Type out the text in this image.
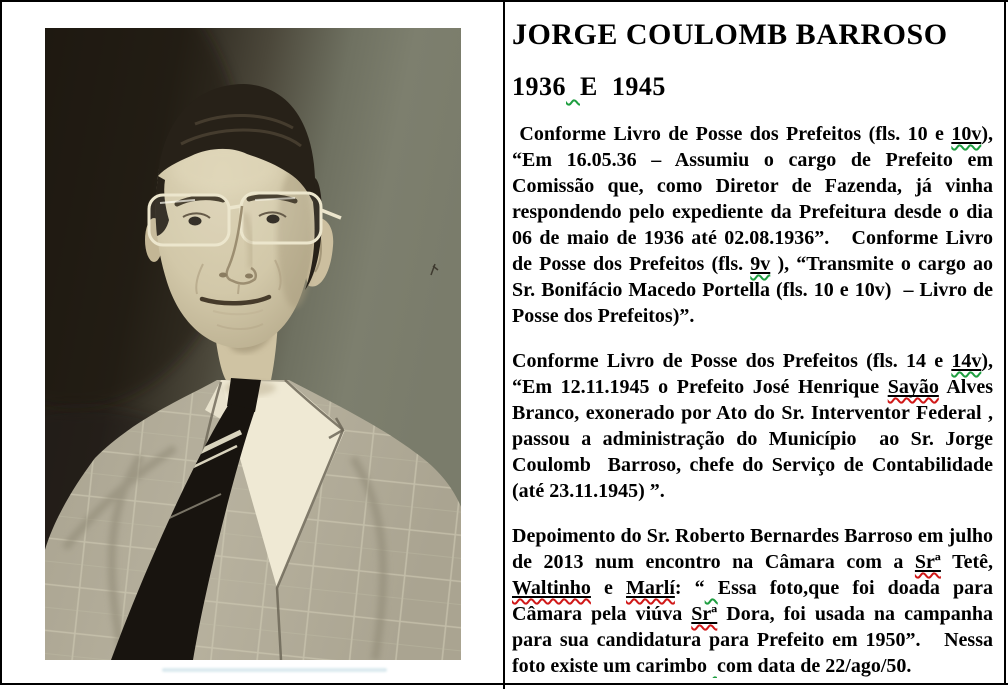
JORGE COULOMB BARROSO
1936 E  1945

Conforme Livro de Posse dos Prefeitos (fls. 10 e 10v), “Em 16.05.36 – Assumiu o cargo de Prefeito em Comissão que, como Diretor de Fazenda, já vinha respondendo pelo expediente da Prefeitura desde o dia 06 de maio de 1936 até 02.08.1936”.   Conforme Livro de Posse dos Prefeitos (fls. 9v ), “Transmite o cargo ao Sr. Bonifácio Macedo Portella (fls. 10 e 10v)  – Livro de Posse dos Prefeitos)”.

Conforme Livro de Posse dos Prefeitos (fls. 14 e 14v), “Em 12.11.1945 o Prefeito José Henrique Sayão Alves Branco, exonerado por Ato do Sr. Interventor Federal , passou a administração do Município  ao Sr. Jorge Coulomb  Barroso, chefe do Serviço de Contabilidade (até 23.11.1945) ”.

Depoimento do Sr. Roberto Bernardes Barroso em julho de 2013 num encontro na Câmara com a Srª Tetê, Waltinho e Marlí: “ Essa foto,que foi doada para Câmara pela viúva Srª Dora, foi usada na campanha para sua candidatura para Prefeito em 1950”.   Nessa foto existe um carimbo com data de 22/ago/50.
